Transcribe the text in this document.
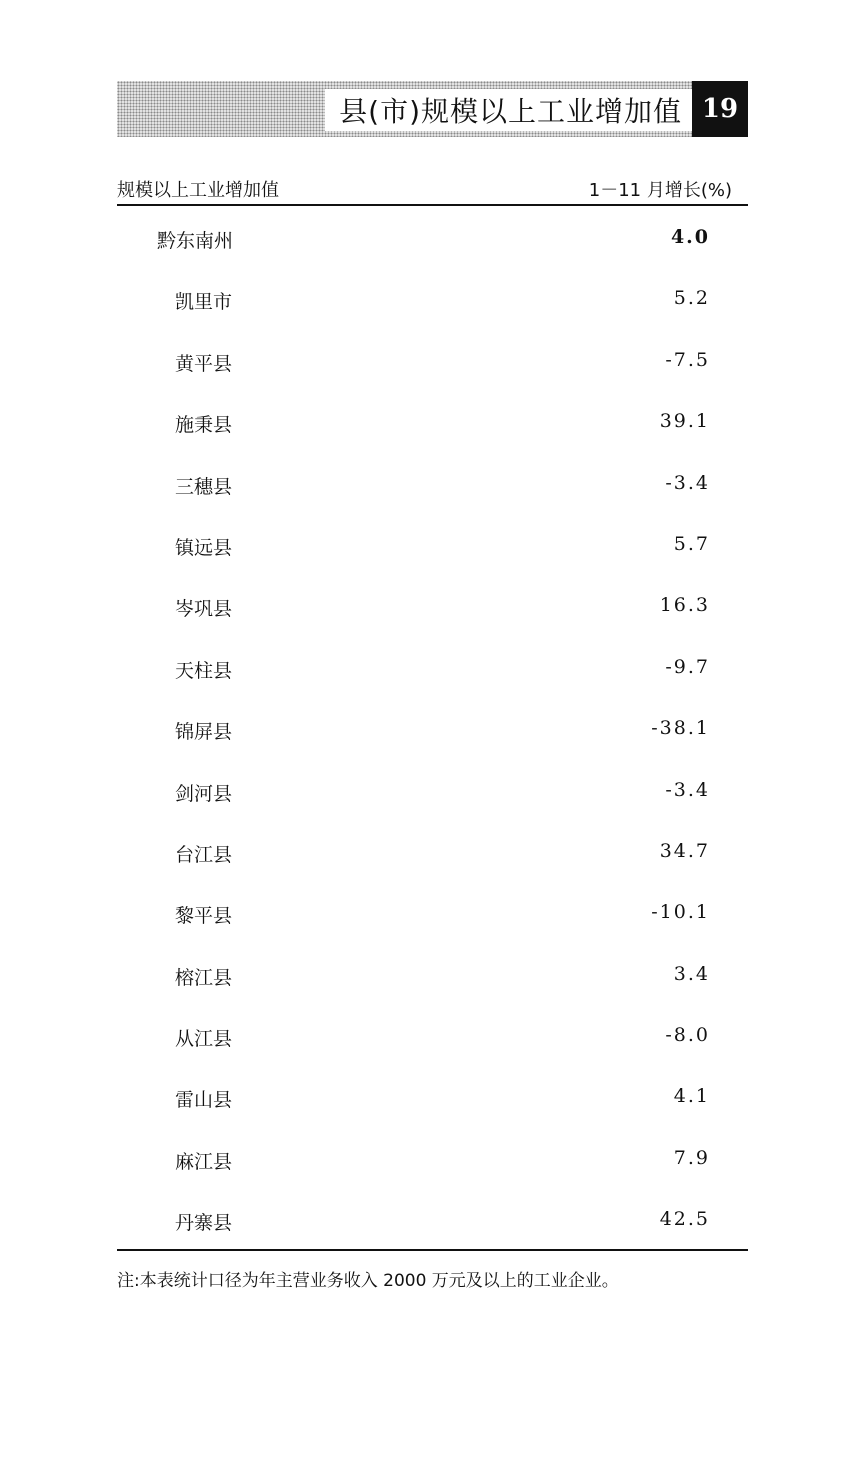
县(市)规模以上工业增加值 19
规模以上工业增加值	1－11 月增长(%)
黔东南州	4.0
凯里市	5.2
黄平县	-7.5
施秉县	39.1
三穗县	-3.4
镇远县	5.7
岑巩县	16.3
天柱县	-9.7
锦屏县	-38.1
剑河县	-3.4
台江县	34.7
黎平县	-10.1
榕江县	3.4
从江县	-8.0
雷山县	4.1
麻江县	7.9
丹寨县	42.5
注:本表统计口径为年主营业务收入 2000 万元及以上的工业企业。
